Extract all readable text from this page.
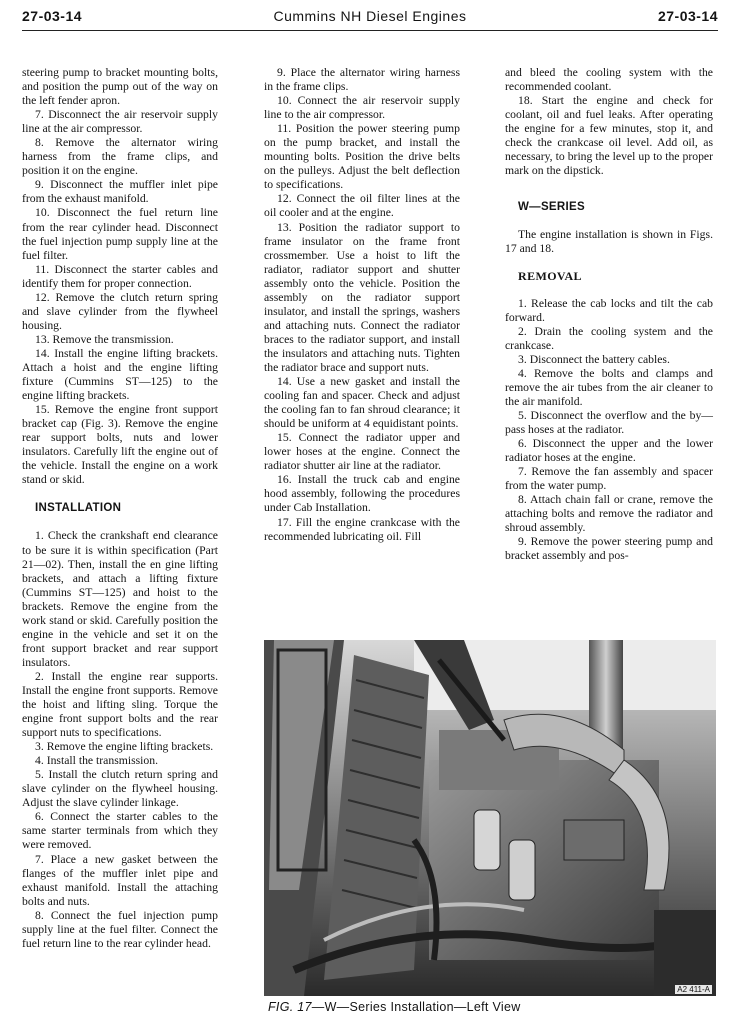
27-03-14	Cummins NH Diesel Engines	27-03-14

steering pump to bracket mounting bolts, and position the pump out of the way on the left fender apron.

7. Disconnect the air reservoir supply line at the air compressor.

8. Remove the alternator wiring harness from the frame clips, and position it on the engine.

9. Disconnect the muffler inlet pipe from the exhaust manifold.

10. Disconnect the fuel return line from the rear cylinder head. Disconnect the fuel injection pump supply line at the fuel filter.

11. Disconnect the starter cables and identify them for proper connection.

12. Remove the clutch return spring and slave cylinder from the flywheel housing.

13. Remove the transmission.

14. Install the engine lifting brackets. Attach a hoist and the engine lifting fixture (Cummins ST—125) to the engine lifting brackets.

15. Remove the engine front support bracket cap (Fig. 3). Remove the engine rear support bolts, nuts and lower insulators. Carefully lift the engine out of the vehicle. Install the engine on a work stand or skid.

INSTALLATION

1. Check the crankshaft end clearance to be sure it is within specification (Part 21—02). Then, install the en gine lifting brackets, and attach a lifting fixture (Cummins ST—125) and hoist to the brackets. Remove the engine from the work stand or skid. Carefully position the engine in the vehicle and set it on the front support bracket and rear support insulators.

2. Install the engine rear supports. Install the engine front supports. Remove the hoist and lifting sling. Torque the engine front support bolts and the rear support nuts to specifications.

3. Remove the engine lifting brackets.

4. Install the transmission.

5. Install the clutch return spring and slave cylinder on the flywheel housing. Adjust the slave cylinder linkage.

6. Connect the starter cables to the same starter terminals from which they were removed.

7. Place a new gasket between the flanges of the muffler inlet pipe and exhaust manifold. Install the attaching bolts and nuts.

8. Connect the fuel injection pump supply line at the fuel filter. Connect the fuel return line to the rear cylinder head.

9. Place the alternator wiring harness in the frame clips.

10. Connect the air reservoir supply line to the air compressor.

11. Position the power steering pump on the pump bracket, and install the mounting bolts. Position the drive belts on the pulleys. Adjust the belt deflection to specifications.

12. Connect the oil filter lines at the oil cooler and at the engine.

13. Position the radiator support to frame insulator on the frame front crossmember. Use a hoist to lift the radiator, radiator support and shutter assembly onto the vehicle. Position the assembly on the radiator support insulator, and install the springs, washers and attaching nuts. Connect the radiator braces to the radiator support, and install the insulators and attaching nuts. Tighten the radiator brace and support nuts.

14. Use a new gasket and install the cooling fan and spacer. Check and adjust the cooling fan to fan shroud clearance; it should be uniform at 4 equidistant points.

15. Connect the radiator upper and lower hoses at the engine. Connect the radiator shutter air line at the radiator.

16. Install the truck cab and engine hood assembly, following the procedures under Cab Installation.

17. Fill the engine crankcase with the recommended lubricating oil. Fill

and bleed the cooling system with the recommended coolant.

18. Start the engine and check for coolant, oil and fuel leaks. After operating the engine for a few minutes, stop it, and check the crankcase oil level. Add oil, as necessary, to bring the level up to the proper mark on the dipstick.

W—SERIES

The engine installation is shown in Figs. 17 and 18.

REMOVAL

1. Release the cab locks and tilt the cab forward.

2. Drain the cooling system and the crankcase.

3. Disconnect the battery cables.

4. Remove the bolts and clamps and remove the air tubes from the air cleaner to the air manifold.

5. Disconnect the overflow and the by—pass hoses at the radiator.

6. Disconnect the upper and the lower radiator hoses at the engine.

7. Remove the fan assembly and spacer from the water pump.

8. Attach chain fall or crane, remove the attaching bolts and remove the radiator and shroud assembly.

9. Remove the power steering pump and bracket assembly and pos-

A2 411-A
FIG. 17—W—Series Installation—Left View
